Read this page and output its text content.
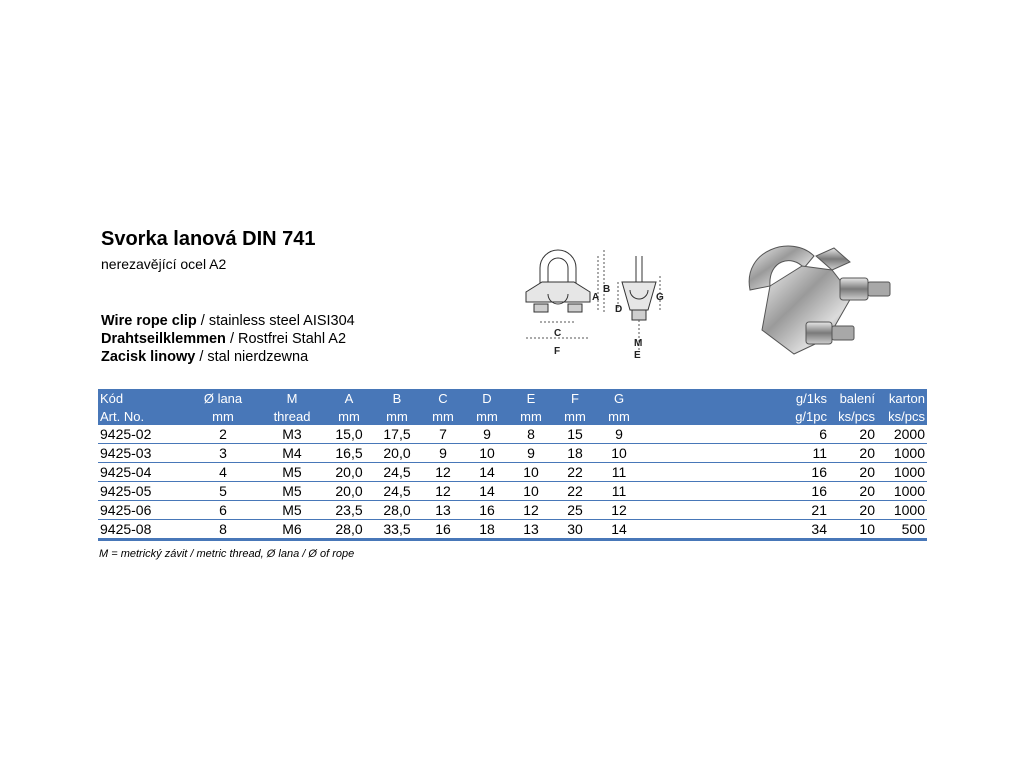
Svorka lanová DIN 741

nerezavějící ocel A2

Wire rope clip / stainless steel AISI304
Drahtseilklemmen / Rostfrei Stahl A2
Zacisk linowy / stal nierdzewna
A
B
C
F
D
G
M
E
Kód	Ø lana	M	A	B	C	D	E	F	G		g/1ks	balení	karton
Art. No.	mm	thread	mm	mm	mm	mm	mm	mm	mm		g/1pc	ks/pcs	ks/pcs
9425-02	2	M3	15,0	17,5	7	9	8	15	9		6	20	2000
9425-03	3	M4	16,5	20,0	9	10	9	18	10		11	20	1000
9425-04	4	M5	20,0	24,5	12	14	10	22	11		16	20	1000
9425-05	5	M5	20,0	24,5	12	14	10	22	11		16	20	1000
9425-06	6	M5	23,5	28,0	13	16	12	25	12		21	20	1000
9425-08	8	M6	28,0	33,5	16	18	13	30	14		34	10	500
M = metrický závit / metric thread, Ø lana / Ø of rope
